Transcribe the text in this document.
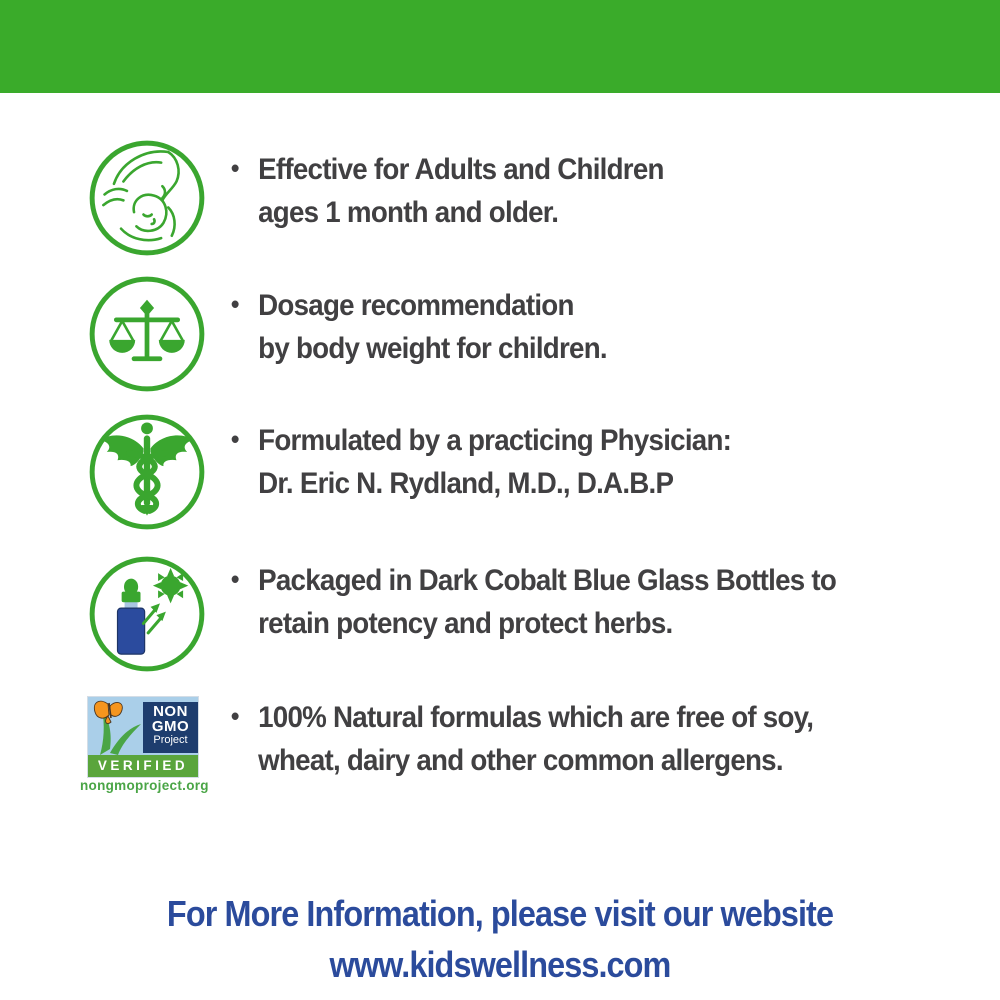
• Effective for Adults and Children
ages 1 month and older.
• Dosage recommendation
by body weight for children.
• Formulated by a practicing Physician:
Dr. Eric N. Rydland, M.D., D.A.B.P
• Packaged in Dark Cobalt Blue Glass Bottles to
retain potency and protect herbs.
NON
GMO
Project
VERIFIED
nongmoproject.org
• 100% Natural formulas which are free of soy,
wheat, dairy and other common allergens.
For More Information, please visit our website
www.kidswellness.com
